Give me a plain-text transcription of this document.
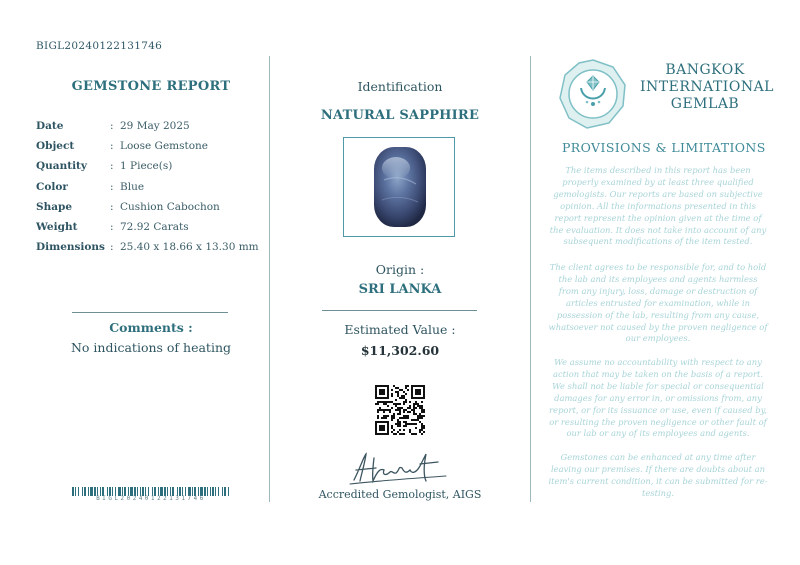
BIGL20240122131746
GEMSTONE REPORT
Date	: 29 May 2025
Object	: Loose Gemstone
Quantity : 1 Piece(s)
Color	: Blue
Shape	: Cushion Cabochon
Weight	: 72.92 Carats
Dimensions : 25.40 x 18.66 x 13.30 mm
Comments :
No indications of heating
BIGL20240122131746
Identification
NATURAL SAPPHIRE
Origin :
SRI LANKA
Estimated Value :
$11,302.60
Accredited Gemologist, AIGS
BANGKOK
INTERNATIONAL
GEMLAB
PROVISIONS & LIMITATIONS

The items described in this report has been properly examined by at least three qualified gemologists. Our reports are based on subjective opinion. All the informations presented in this report represent the opinion given at the time of the evaluation. It does not take into account of any subsequent modifications of the item tested.

The client agrees to be responsible for, and to hold the lab and its employees and agents harmless from any injury, loss, damage or destruction of articles entrusted for examination, while in possession of the lab, resulting from any cause, whatsoever not caused by the proven negligence of our employees.

We assume no accountability with respect to any action that may be taken on the basis of a report. We shall not be liable for special or consequential damages for any error in, or omissions from, any report, or for its issuance or use, even if caused by, or resulting the proven negligence or other fault of our lab or any of its employees and agents.

Gemstones can be enhanced at any time after leaving our premises. If there are doubts about an item's current condition, it can be submitted for re-testing.
